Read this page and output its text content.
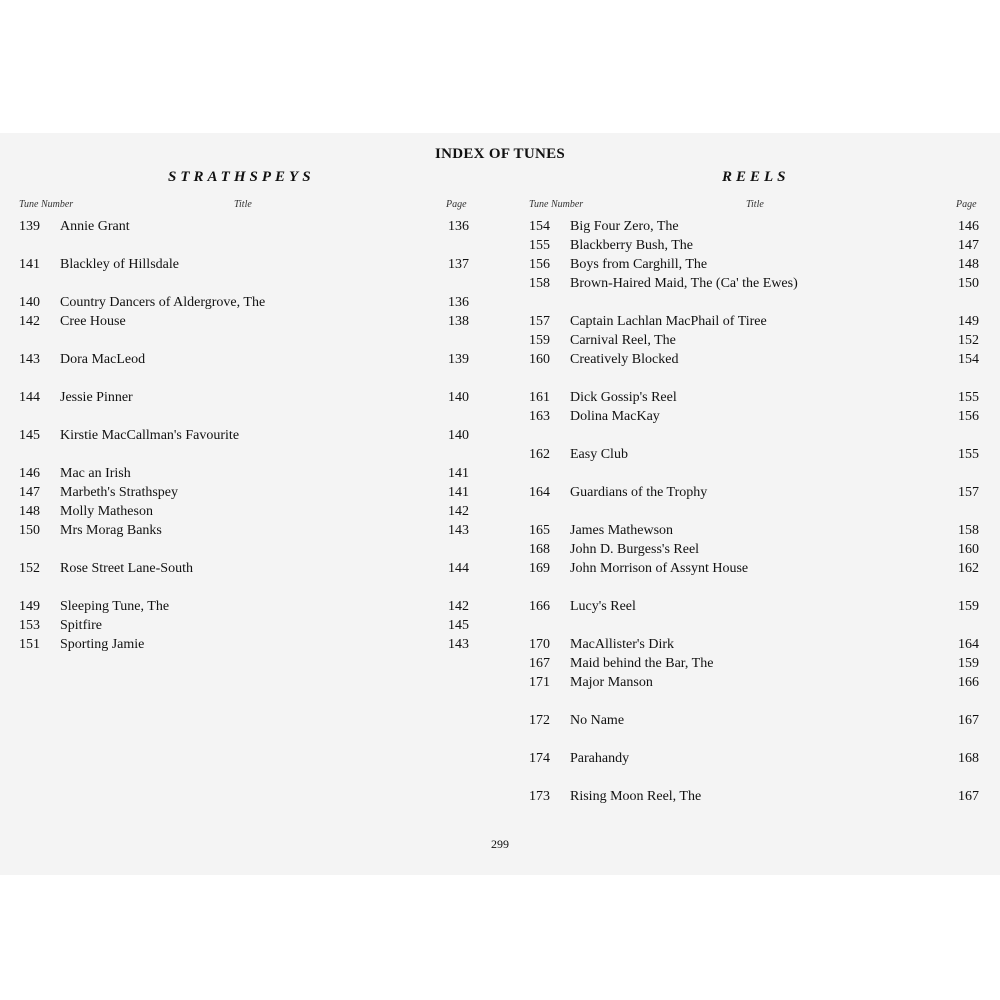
INDEX OF TUNES
STRATHSPEYS	REELS
Tune Number	Title	Page	Tune Number	Title	Page
139 Annie Grant	136
141 Blackley of Hillsdale	137
140 Country Dancers of Aldergrove, The	136
142 Cree House	138
143 Dora MacLeod	139
144 Jessie Pinner	140
145 Kirstie MacCallman's Favourite	140
146 Mac an Irish	141
147 Marbeth's Strathspey	141
148 Molly Matheson	142
150 Mrs Morag Banks	143
152 Rose Street Lane-South	144
149 Sleeping Tune, The	142
153 Spitfire	145
151 Sporting Jamie	143
154 Big Four Zero, The	146
155 Blackberry Bush, The	147
156 Boys from Carghill, The	148
158 Brown-Haired Maid, The (Ca' the Ewes)	150
157 Captain Lachlan MacPhail of Tiree	149
159 Carnival Reel, The	152
160 Creatively Blocked	154
161 Dick Gossip's Reel	155
163 Dolina MacKay	156
162 Easy Club	155
164 Guardians of the Trophy	157
165 James Mathewson	158
168 John D. Burgess's Reel	160
169 John Morrison of Assynt House	162
166 Lucy's Reel	159
170 MacAllister's Dirk	164
167 Maid behind the Bar, The	159
171 Major Manson	166
172 No Name	167
174 Parahandy	168
173 Rising Moon Reel, The	167
299
